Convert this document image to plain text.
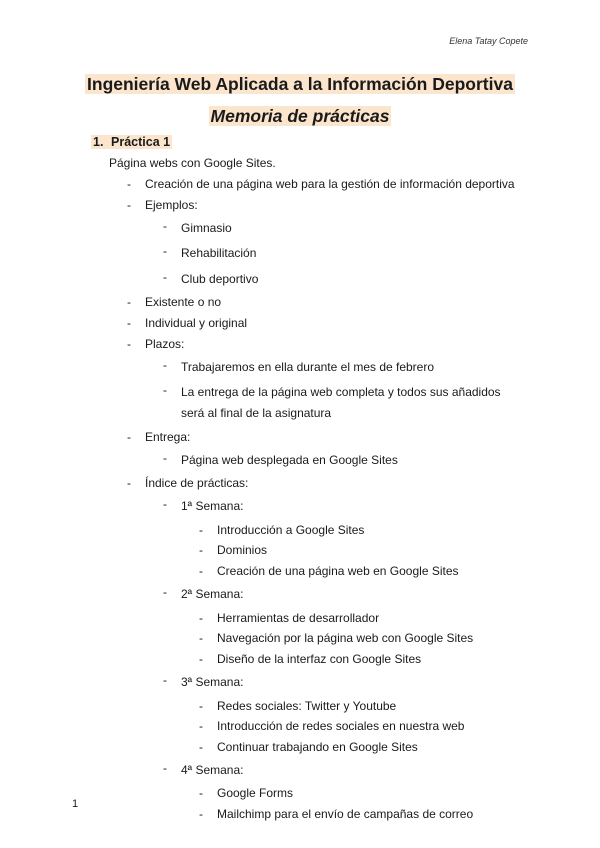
Elena Tatay Copete
Ingeniería Web Aplicada a la Información Deportiva
Memoria de prácticas
1. Práctica 1
Página webs con Google Sites.
- Creación de una página web para la gestión de información deportiva
- Ejemplos:
- Gimnasio
- Rehabilitación
- Club deportivo
- Existente o no
- Individual y original
- Plazos:
- Trabajaremos en ella durante el mes de febrero
- La entrega de la página web completa y todos sus añadidos será al final de la asignatura
- Entrega:
- Página web desplegada en Google Sites
- Índice de prácticas:
- 1ª Semana:
- Introducción a Google Sites
- Dominios
- Creación de una página web en Google Sites
- 2ª Semana:
- Herramientas de desarrollador
- Navegación por la página web con Google Sites
- Diseño de la interfaz con Google Sites
- 3ª Semana:
- Redes sociales: Twitter y Youtube
- Introducción de redes sociales en nuestra web
- Continuar trabajando en Google Sites
- 4ª Semana:
- Google Forms
- Mailchimp para el envío de campañas de correo
1
